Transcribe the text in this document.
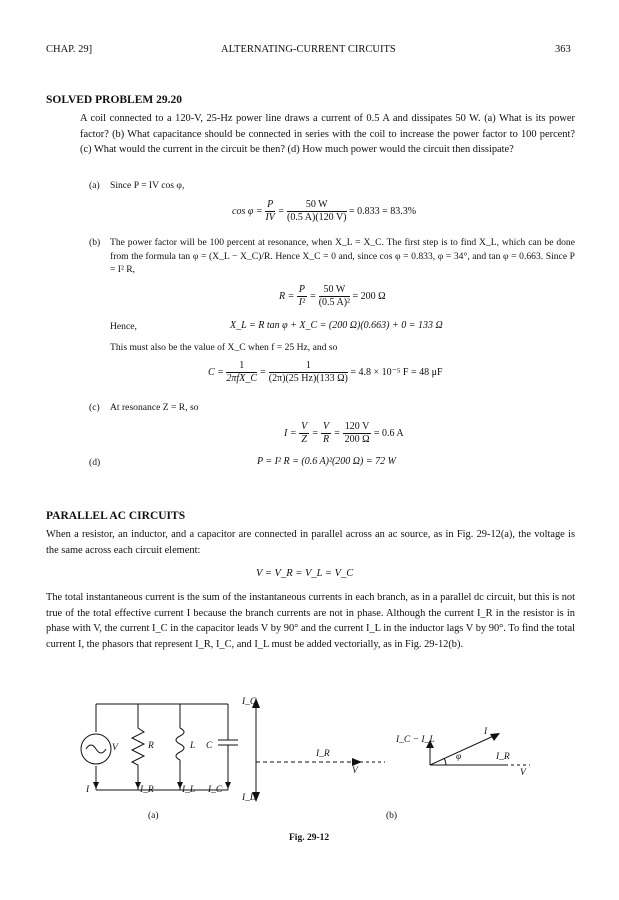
CHAP. 29]	ALTERNATING-CURRENT CIRCUITS	363
SOLVED PROBLEM 29.20
A coil connected to a 120-V, 25-Hz power line draws a current of 0.5 A and dissipates 50 W. (a) What is its power factor? (b) What capacitance should be connected in series with the coil to increase the power factor to 100 percent? (c) What would the current in the circuit be then? (d) How much power would the circuit then dissipate?
(a) Since P = IV cos φ,
$\cos \varphi = \frac{P}{IV} = \frac{50 W}{(0.5 A)(120 V)} = 0.833 = 83.3\%$
(b) The power factor will be 100 percent at resonance, when X_L = X_C. The first step is to find X_L, which can be done from the formula tan φ = (X_L − X_C)/R. Hence X_C = 0 and, since cos φ = 0.833, φ = 34°, and tan φ = 0.663. Since P = I² R,
$R = \frac{P}{\text{I²}} = \frac{50 W}{\text{(0.5 A)²}} = 200$ Ω
Hence,	X_L = R tan φ + X_C = (200 Ω)(0.663) + 0 = 133 Ω
This must also be the value of X_C when f = 25 Hz, and so
$C = \frac{1}{\text{2πfX\_C}} = \frac{1}{(2\pi)(25 Hz)(133 \Omega)} = 4.8 \times 10^{-5}$ F = 48 μF
(c) At resonance Z = R, so
$I = \frac{V}{Z} = \frac{V}{R} = \frac{120 V}{200 \Omega} = 0.6$ A
(d)	P = I² R = (0.6 A)²(200 Ω) = 72 W
PARALLEL AC CIRCUITS
When a resistor, an inductor, and a capacitor are connected in parallel across an ac source, as in Fig. 29-12(a), the voltage is the same across each circuit element:
V = V_R = V_L = V_C
The total instantaneous current is the sum of the instantaneous currents in each branch, as in a parallel dc circuit, but this is not true of the total effective current I because the branch currents are not in phase. Although the current I_R in the resistor is in phase with V, the current I_C in the capacitor leads V by 90° and the current I_L in the inductor lags V by 90°. To find the total current I, the phasors that represent I_R, I_C, and I_L must be added vectorially, as in Fig. 29-12(b).
V	R	L C
I	I_R	I_L I_C
I_C
I_L
I_R
V
I_C − I_L
I
φ	I_R
V
(a)	(b)
Fig. 29-12
